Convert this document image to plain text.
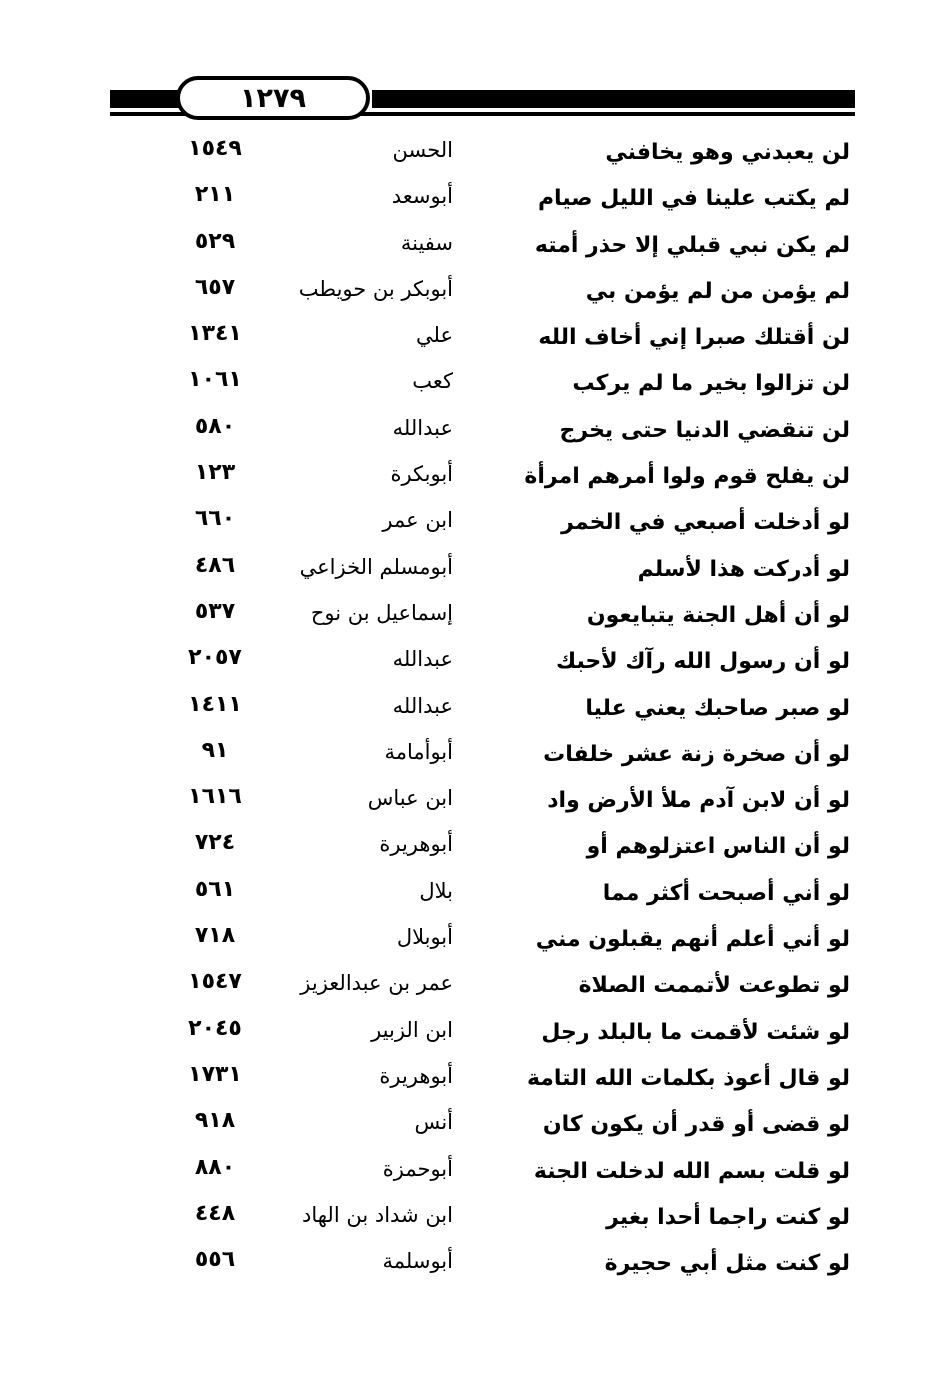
١٢٧٩
لن يعبدني وهو يخافني
الحسن
١٥٤٩
لم يكتب علينا في الليل صيام
أبوسعد
٢١١
لم يكن نبي قبلي إلا حذر أمته
سفينة
٥٢٩
لم يؤمن من لم يؤمن بي
أبوبكر بن حويطب
٦٥٧
لن أقتلك صبرا إني أخاف الله
علي
١٣٤١
لن تزالوا بخير ما لم يركب
كعب
١٠٦١
لن تنقضي الدنيا حتى يخرج
عبدالله
٥٨٠
لن يفلح قوم ولوا أمرهم امرأة
أبوبكرة
١٢٣
لو أدخلت أصبعي في الخمر
ابن عمر
٦٦٠
لو أدركت هذا لأسلم
أبومسلم الخزاعي
٤٨٦
لو أن أهل الجنة يتبايعون
إسماعيل بن نوح
٥٣٧
لو أن رسول الله رآك لأحبك
عبدالله
٢٠٥٧
لو صبر صاحبك يعني عليا
عبدالله
١٤١١
لو أن صخرة زنة عشر خلفات
أبوأمامة
٩١
لو أن لابن آدم ملأ الأرض واد
ابن عباس
١٦١٦
لو أن الناس اعتزلوهم أو
أبوهريرة
٧٢٤
لو أني أصبحت أكثر مما
بلال
٥٦١
لو أني أعلم أنهم يقبلون مني
أبوبلال
٧١٨
لو تطوعت لأتممت الصلاة
عمر بن عبدالعزيز
١٥٤٧
لو شئت لأقمت ما بالبلد رجل
ابن الزبير
٢٠٤٥
لو قال أعوذ بكلمات الله التامة
أبوهريرة
١٧٣١
لو قضى أو قدر أن يكون كان
أنس
٩١٨
لو قلت بسم الله لدخلت الجنة
أبوحمزة
٨٨٠
لو كنت راجما أحدا بغير
ابن شداد بن الهاد
٤٤٨
لو كنت مثل أبي حجيرة
أبوسلمة
٥٥٦
